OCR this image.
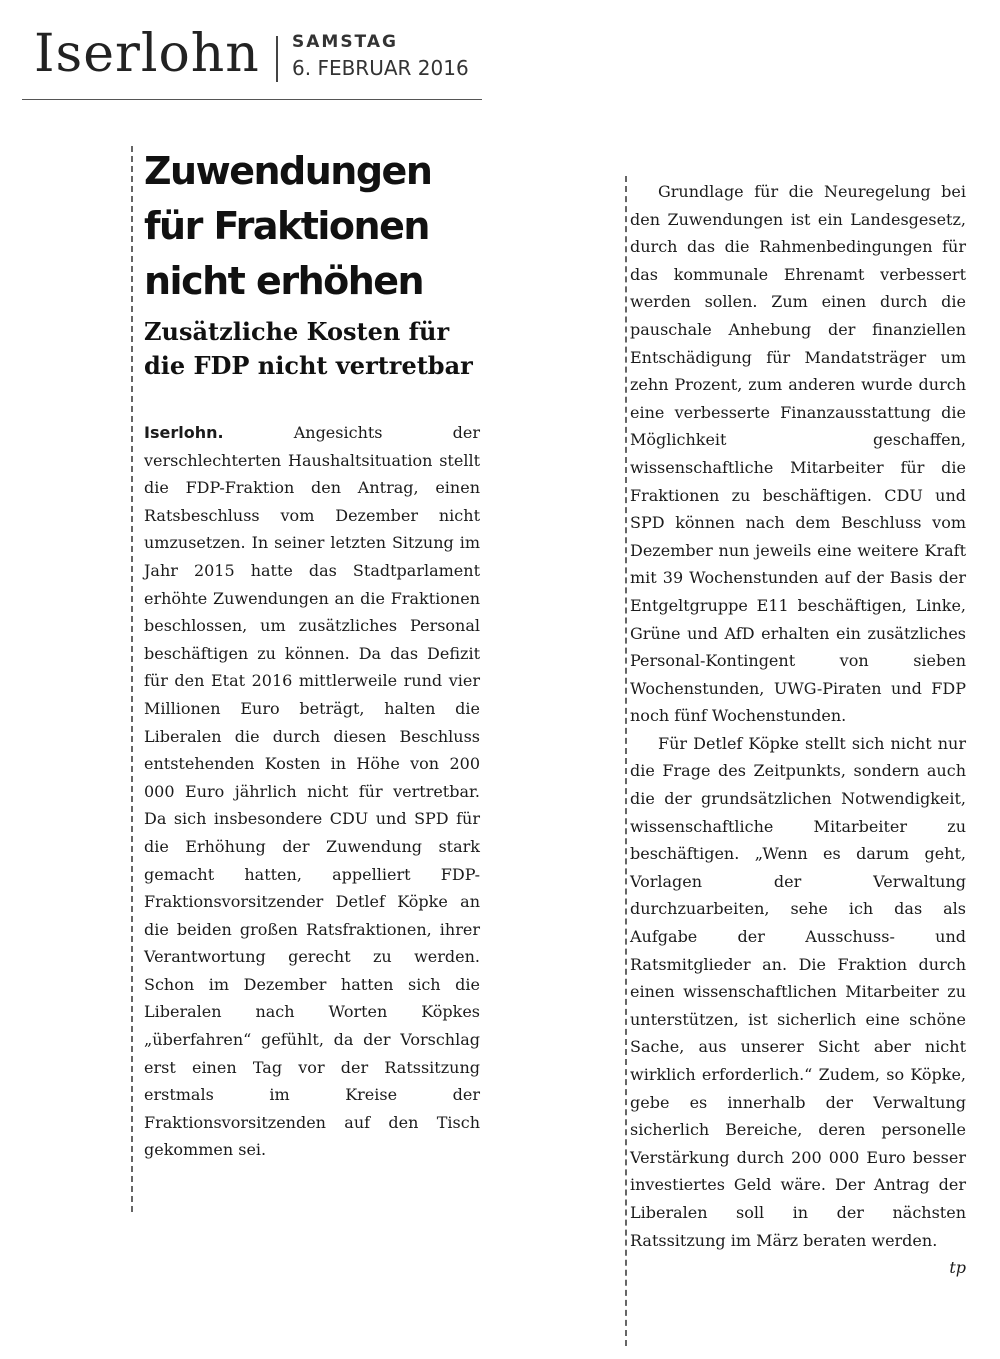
Iserlohn SAMSTAG
6. FEBRUAR 2016
Zuwendungen für Fraktionen nicht erhöhen
Zusätzliche Kosten für die FDP nicht vertretbar

Iserlohn.	Angesichts der verschlechterten Haushaltsituation stellt die FDP-Fraktion den Antrag, einen Ratsbeschluss vom Dezember nicht umzusetzen. In seiner letzten Sitzung im Jahr 2015 hatte das Stadtparlament erhöhte Zuwendungen an die Fraktionen beschlossen, um zusätzliches Personal beschäftigen zu können. Da das Defizit für den Etat 2016 mittlerweile rund vier Millionen Euro beträgt, halten die Liberalen die durch diesen Beschluss entstehenden Kosten in Höhe von 200 000 Euro jährlich nicht für vertretbar. Da sich insbesondere CDU und SPD für die Erhöhung der Zuwendung stark gemacht hatten, appelliert FDP-Fraktionsvorsitzender Detlef Köpke an die beiden großen Ratsfraktionen, ihrer Verantwortung gerecht zu werden. Schon im Dezember hatten sich die Liberalen nach Worten Köpkes „überfahren“ gefühlt, da der Vorschlag erst einen Tag vor der Ratssitzung erstmals im Kreise der Fraktionsvorsitzenden auf den Tisch gekommen sei.

Grundlage für die Neuregelung bei den Zuwendungen ist ein Landesgesetz, durch das die Rahmenbedingungen für das kommunale Ehrenamt verbessert werden sollen. Zum einen durch die pauschale Anhebung der finanziellen Entschädigung für Mandatsträger um zehn Prozent, zum anderen wurde durch eine verbesserte Finanzausstattung die Möglichkeit geschaffen, wissenschaftliche Mitarbeiter für die Fraktionen zu beschäftigen. CDU und SPD können nach dem Beschluss vom Dezember nun jeweils eine weitere Kraft mit 39 Wochenstunden auf der Basis der Entgeltgruppe E11 beschäftigen, Linke, Grüne und AfD erhalten ein zusätzliches Personal-Kontingent von sieben Wochenstunden, UWG-Piraten und FDP noch fünf Wochenstunden.

Für Detlef Köpke stellt sich nicht nur die Frage des Zeitpunkts, sondern auch die der grundsätzlichen Notwendigkeit, wissenschaftliche Mitarbeiter zu beschäftigen. „Wenn es darum geht, Vorlagen der Verwaltung durchzuarbeiten, sehe ich das als Aufgabe der Ausschuss- und Ratsmitglieder an. Die Fraktion durch einen wissenschaftlichen Mitarbeiter zu unterstützen, ist sicherlich eine schöne Sache, aus unserer Sicht aber nicht wirklich erforderlich.“ Zudem, so Köpke, gebe es innerhalb der Verwaltung sicherlich Bereiche, deren personelle Verstärkung durch 200 000 Euro besser investiertes Geld wäre. Der Antrag der Liberalen soll in der nächsten Ratssitzung im März beraten werden.
tp
